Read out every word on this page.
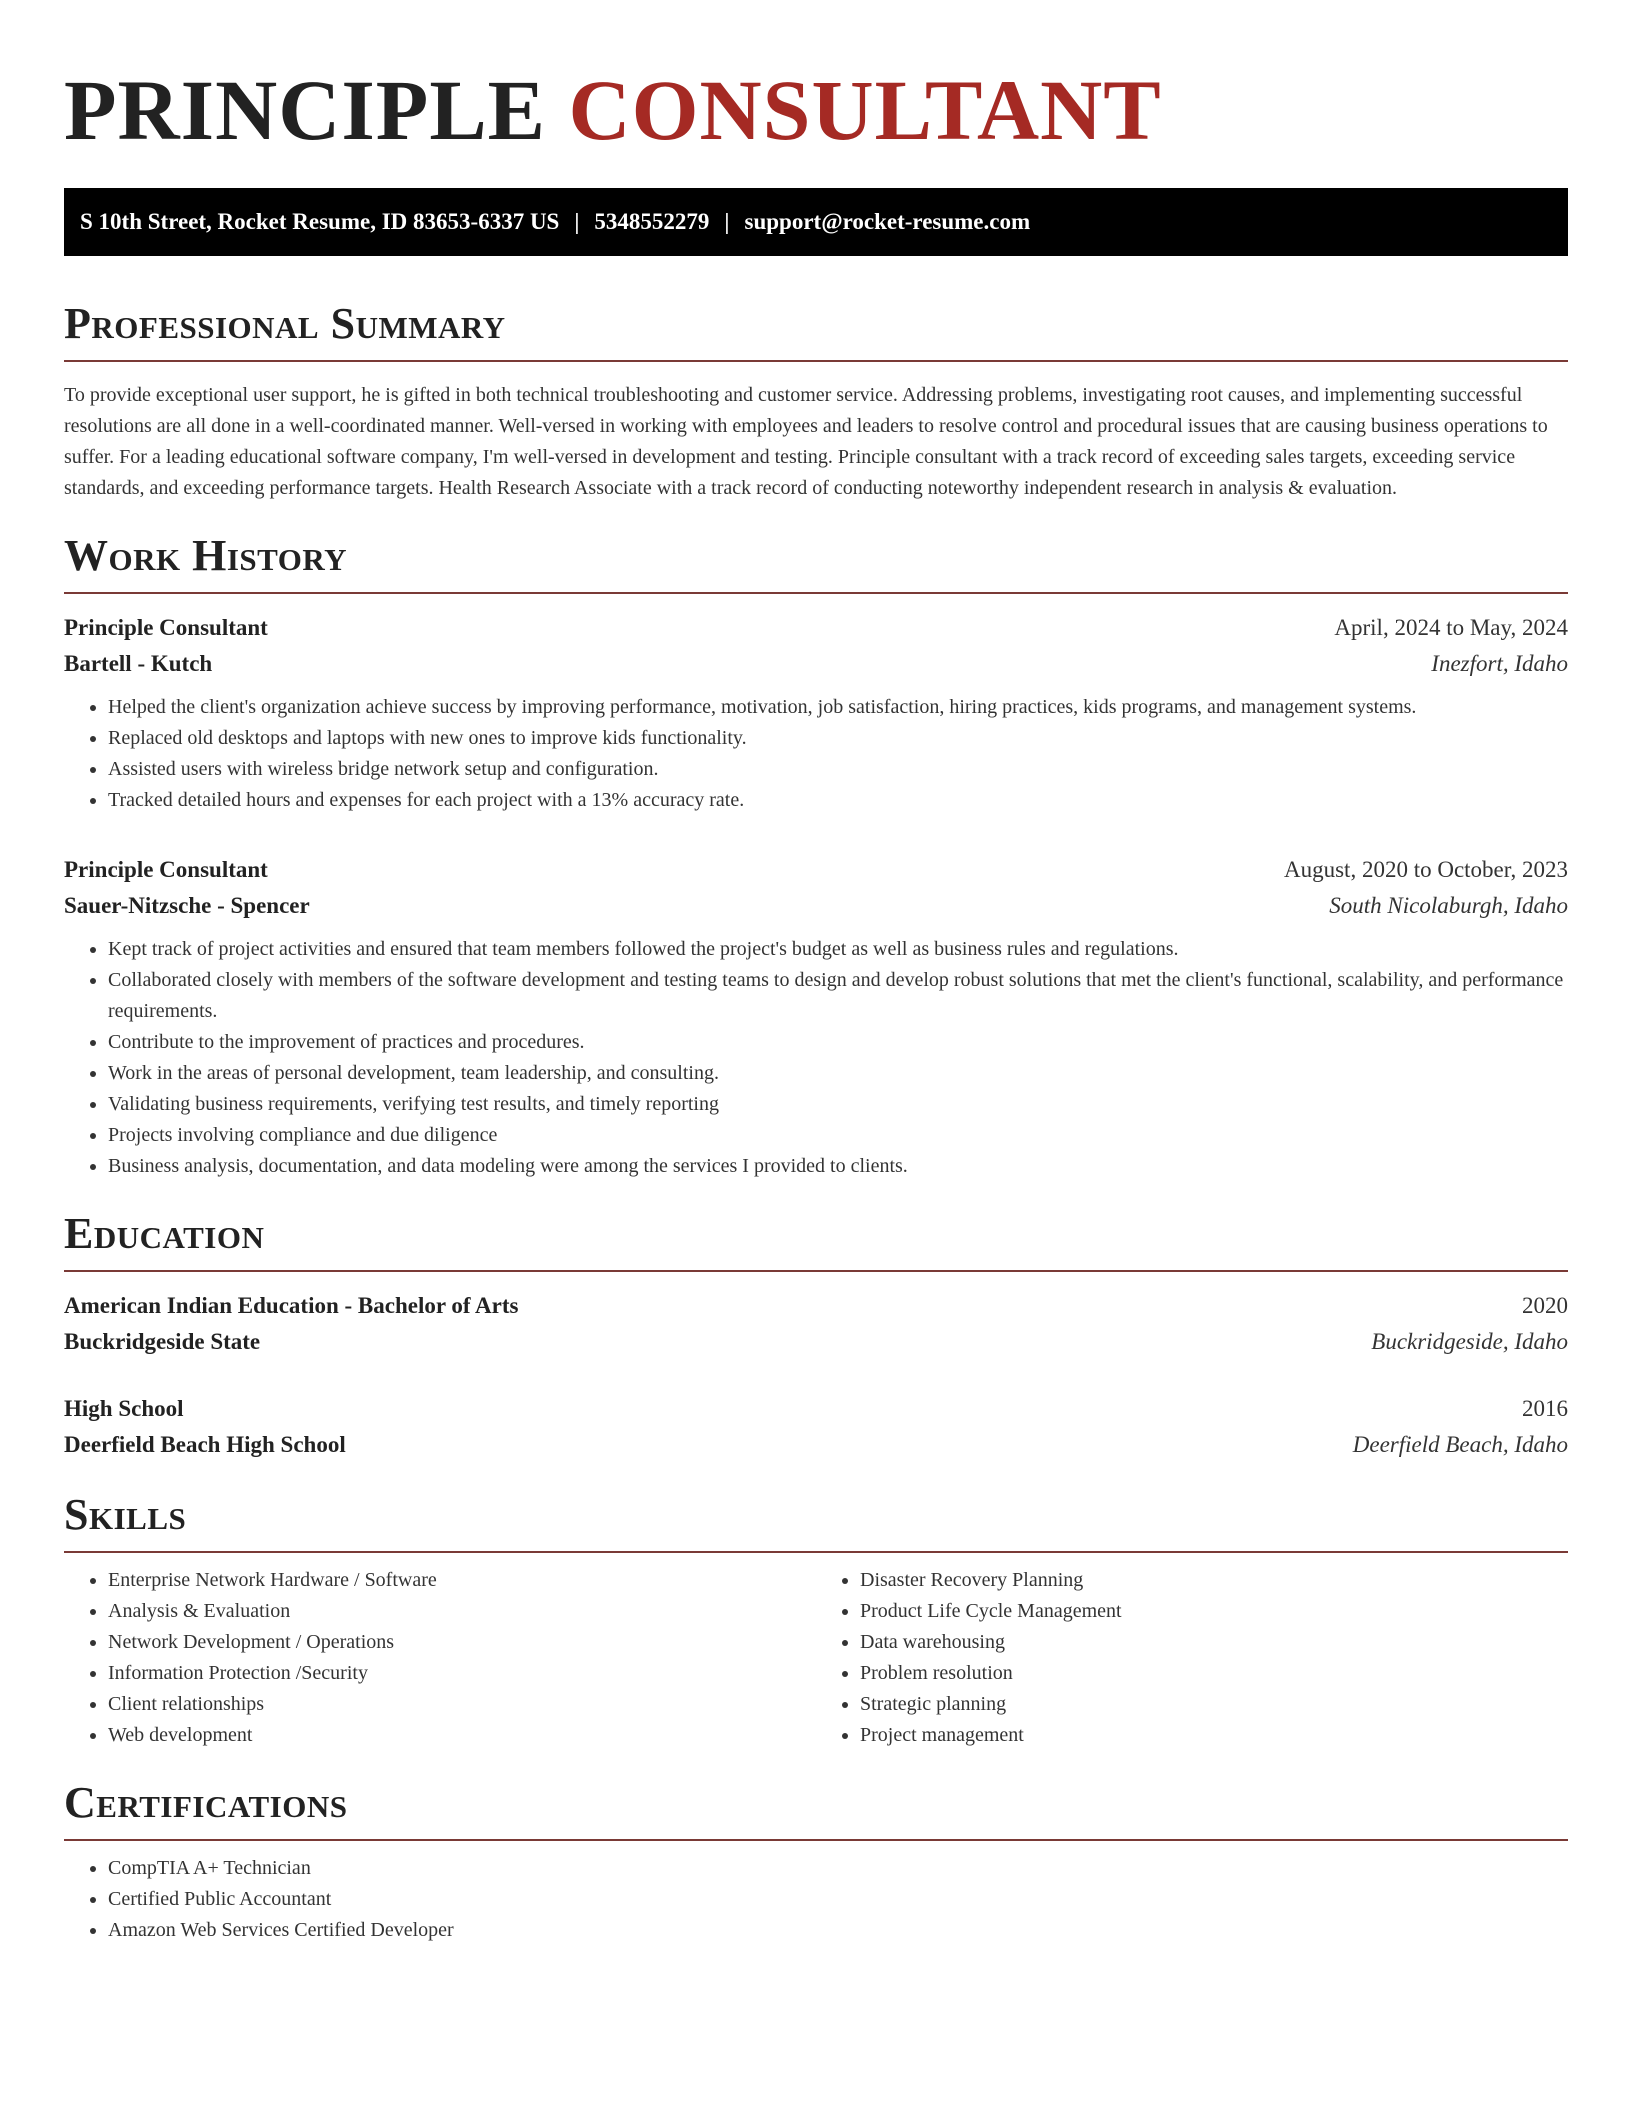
PRINCIPLE CONSULTANT
S 10th Street, Rocket Resume, ID 83653-6337 US | 5348552279 | support@rocket-resume.com
Professional Summary

To provide exceptional user support, he is gifted in both technical troubleshooting and customer service. Addressing problems, investigating root causes, and implementing successful resolutions are all done in a well-coordinated manner. Well-versed in working with employees and leaders to resolve control and procedural issues that are causing business operations to suffer. For a leading educational software company, I'm well-versed in development and testing. Principle consultant with a track record of exceeding sales targets, exceeding service standards, and exceeding performance targets. Health Research Associate with a track record of conducting noteworthy independent research in analysis & evaluation.

Work History
Principle Consultant	April, 2024 to May, 2024
Bartell - Kutch	Inezfort, Idaho
• Helped the client's organization achieve success by improving performance, motivation, job satisfaction, hiring practices, kids programs, and management systems.
• Replaced old desktops and laptops with new ones to improve kids functionality.
• Assisted users with wireless bridge network setup and configuration.
• Tracked detailed hours and expenses for each project with a 13% accuracy rate.
Principle Consultant	August, 2020 to October, 2023
Sauer-Nitzsche - Spencer	South Nicolaburgh, Idaho
• Kept track of project activities and ensured that team members followed the project's budget as well as business rules and regulations.
• Collaborated closely with members of the software development and testing teams to design and develop robust solutions that met the client's functional, scalability, and performance requirements.
• Contribute to the improvement of practices and procedures.
• Work in the areas of personal development, team leadership, and consulting.
• Validating business requirements, verifying test results, and timely reporting
• Projects involving compliance and due diligence
• Business analysis, documentation, and data modeling were among the services I provided to clients.
Education
American Indian Education - Bachelor of Arts	2020
Buckridgeside State	Buckridgeside, Idaho
High School	2016
Deerfield Beach High School	Deerfield Beach, Idaho
Skills
• Enterprise Network Hardware / Software
• Analysis & Evaluation
• Network Development / Operations
• Information Protection /Security
• Client relationships
• Web development
• Disaster Recovery Planning
• Product Life Cycle Management
• Data warehousing
• Problem resolution
• Strategic planning
• Project management
Certifications
• CompTIA A+ Technician
• Certified Public Accountant
• Amazon Web Services Certified Developer
